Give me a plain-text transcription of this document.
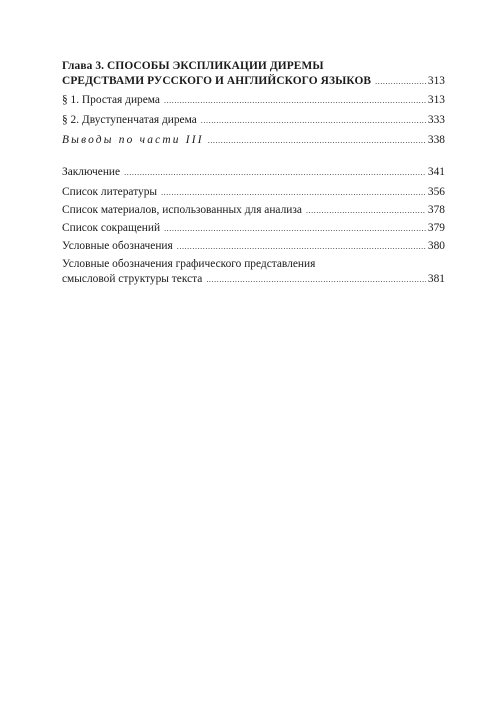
Глава 3. СПОСОБЫ ЭКСПЛИКАЦИИ ДИРЕМЫ
СРЕДСТВАМИ РУССКОГО И АНГЛИЙСКОГО ЯЗЫКОВ .....	313
§ 1. Простая дирема .....	313
§ 2. Двуступенчатая дирема .....	333
Выводы по части III .....	338
Заключение .....	341
Список литературы .....	356
Список материалов, использованных для анализа .....	378
Список сокращений .....	379
Условные обозначения .....	380
Условные обозначения графического представления
смысловой структуры текста .....	381
